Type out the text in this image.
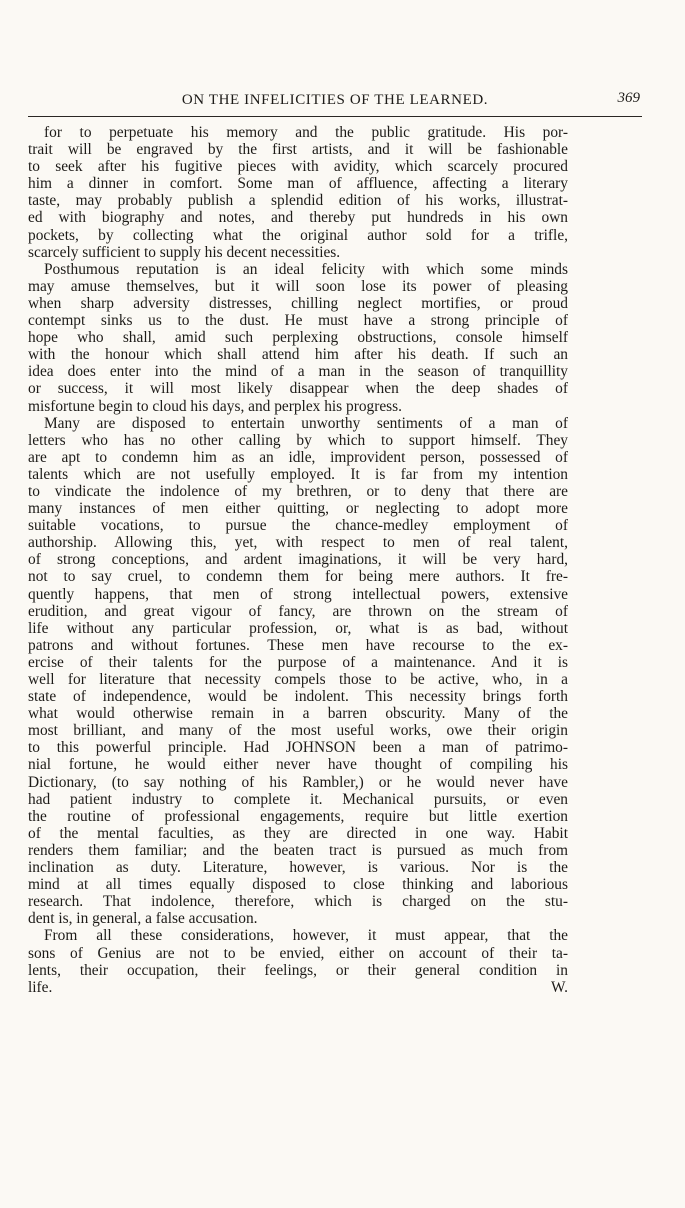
ON THE INFELICITIES OF THE LEARNED.	369
for to perpetuate his memory and the public gratitude. His por-
trait will be engraved by the first artists, and it will be fashionable
to seek after his fugitive pieces with avidity, which scarcely procured
him a dinner in comfort. Some man of affluence, affecting a literary
taste, may probably publish a splendid edition of his works, illustrat-
ed with biography and notes, and thereby put hundreds in his own
pockets, by collecting what the original author sold for a trifle,
scarcely sufficient to supply his decent necessities.
Posthumous reputation is an ideal felicity with which some minds
may amuse themselves, but it will soon lose its power of pleasing
when sharp adversity distresses, chilling neglect mortifies, or proud
contempt sinks us to the dust. He must have a strong principle of
hope who shall, amid such perplexing obstructions, console himself
with the honour which shall attend him after his death. If such an
idea does enter into the mind of a man in the season of tranquillity
or success, it will most likely disappear when the deep shades of
misfortune begin to cloud his days, and perplex his progress.
Many are disposed to entertain unworthy sentiments of a man of
letters who has no other calling by which to support himself. They
are apt to condemn him as an idle, improvident person, possessed of
talents which are not usefully employed. It is far from my intention
to vindicate the indolence of my brethren, or to deny that there are
many instances of men either quitting, or neglecting to adopt more
suitable vocations, to pursue the chance-medley employment of
authorship. Allowing this, yet, with respect to men of real talent,
of strong conceptions, and ardent imaginations, it will be very hard,
not to say cruel, to condemn them for being mere authors. It fre-
quently happens, that men of strong intellectual powers, extensive
erudition, and great vigour of fancy, are thrown on the stream of
life without any particular profession, or, what is as bad, without
patrons and without fortunes. These men have recourse to the ex-
ercise of their talents for the purpose of a maintenance. And it is
well for literature that necessity compels those to be active, who, in a
state of independence, would be indolent. This necessity brings forth
what would otherwise remain in a barren obscurity. Many of the
most brilliant, and many of the most useful works, owe their origin
to this powerful principle. Had JOHNSON been a man of patrimo-
nial fortune, he would either never have thought of compiling his
Dictionary, (to say nothing of his Rambler,) or he would never have
had patient industry to complete it. Mechanical pursuits, or even
the routine of professional engagements, require but little exertion
of the mental faculties, as they are directed in one way. Habit
renders them familiar; and the beaten tract is pursued as much from
inclination as duty. Literature, however, is various. Nor is the
mind at all times equally disposed to close thinking and laborious
research. That indolence, therefore, which is charged on the stu-
dent is, in general, a false accusation.
From all these considerations, however, it must appear, that the
sons of Genius are not to be envied, either on account of their ta-
lents, their occupation, their feelings, or their general condition in
life.	W.
